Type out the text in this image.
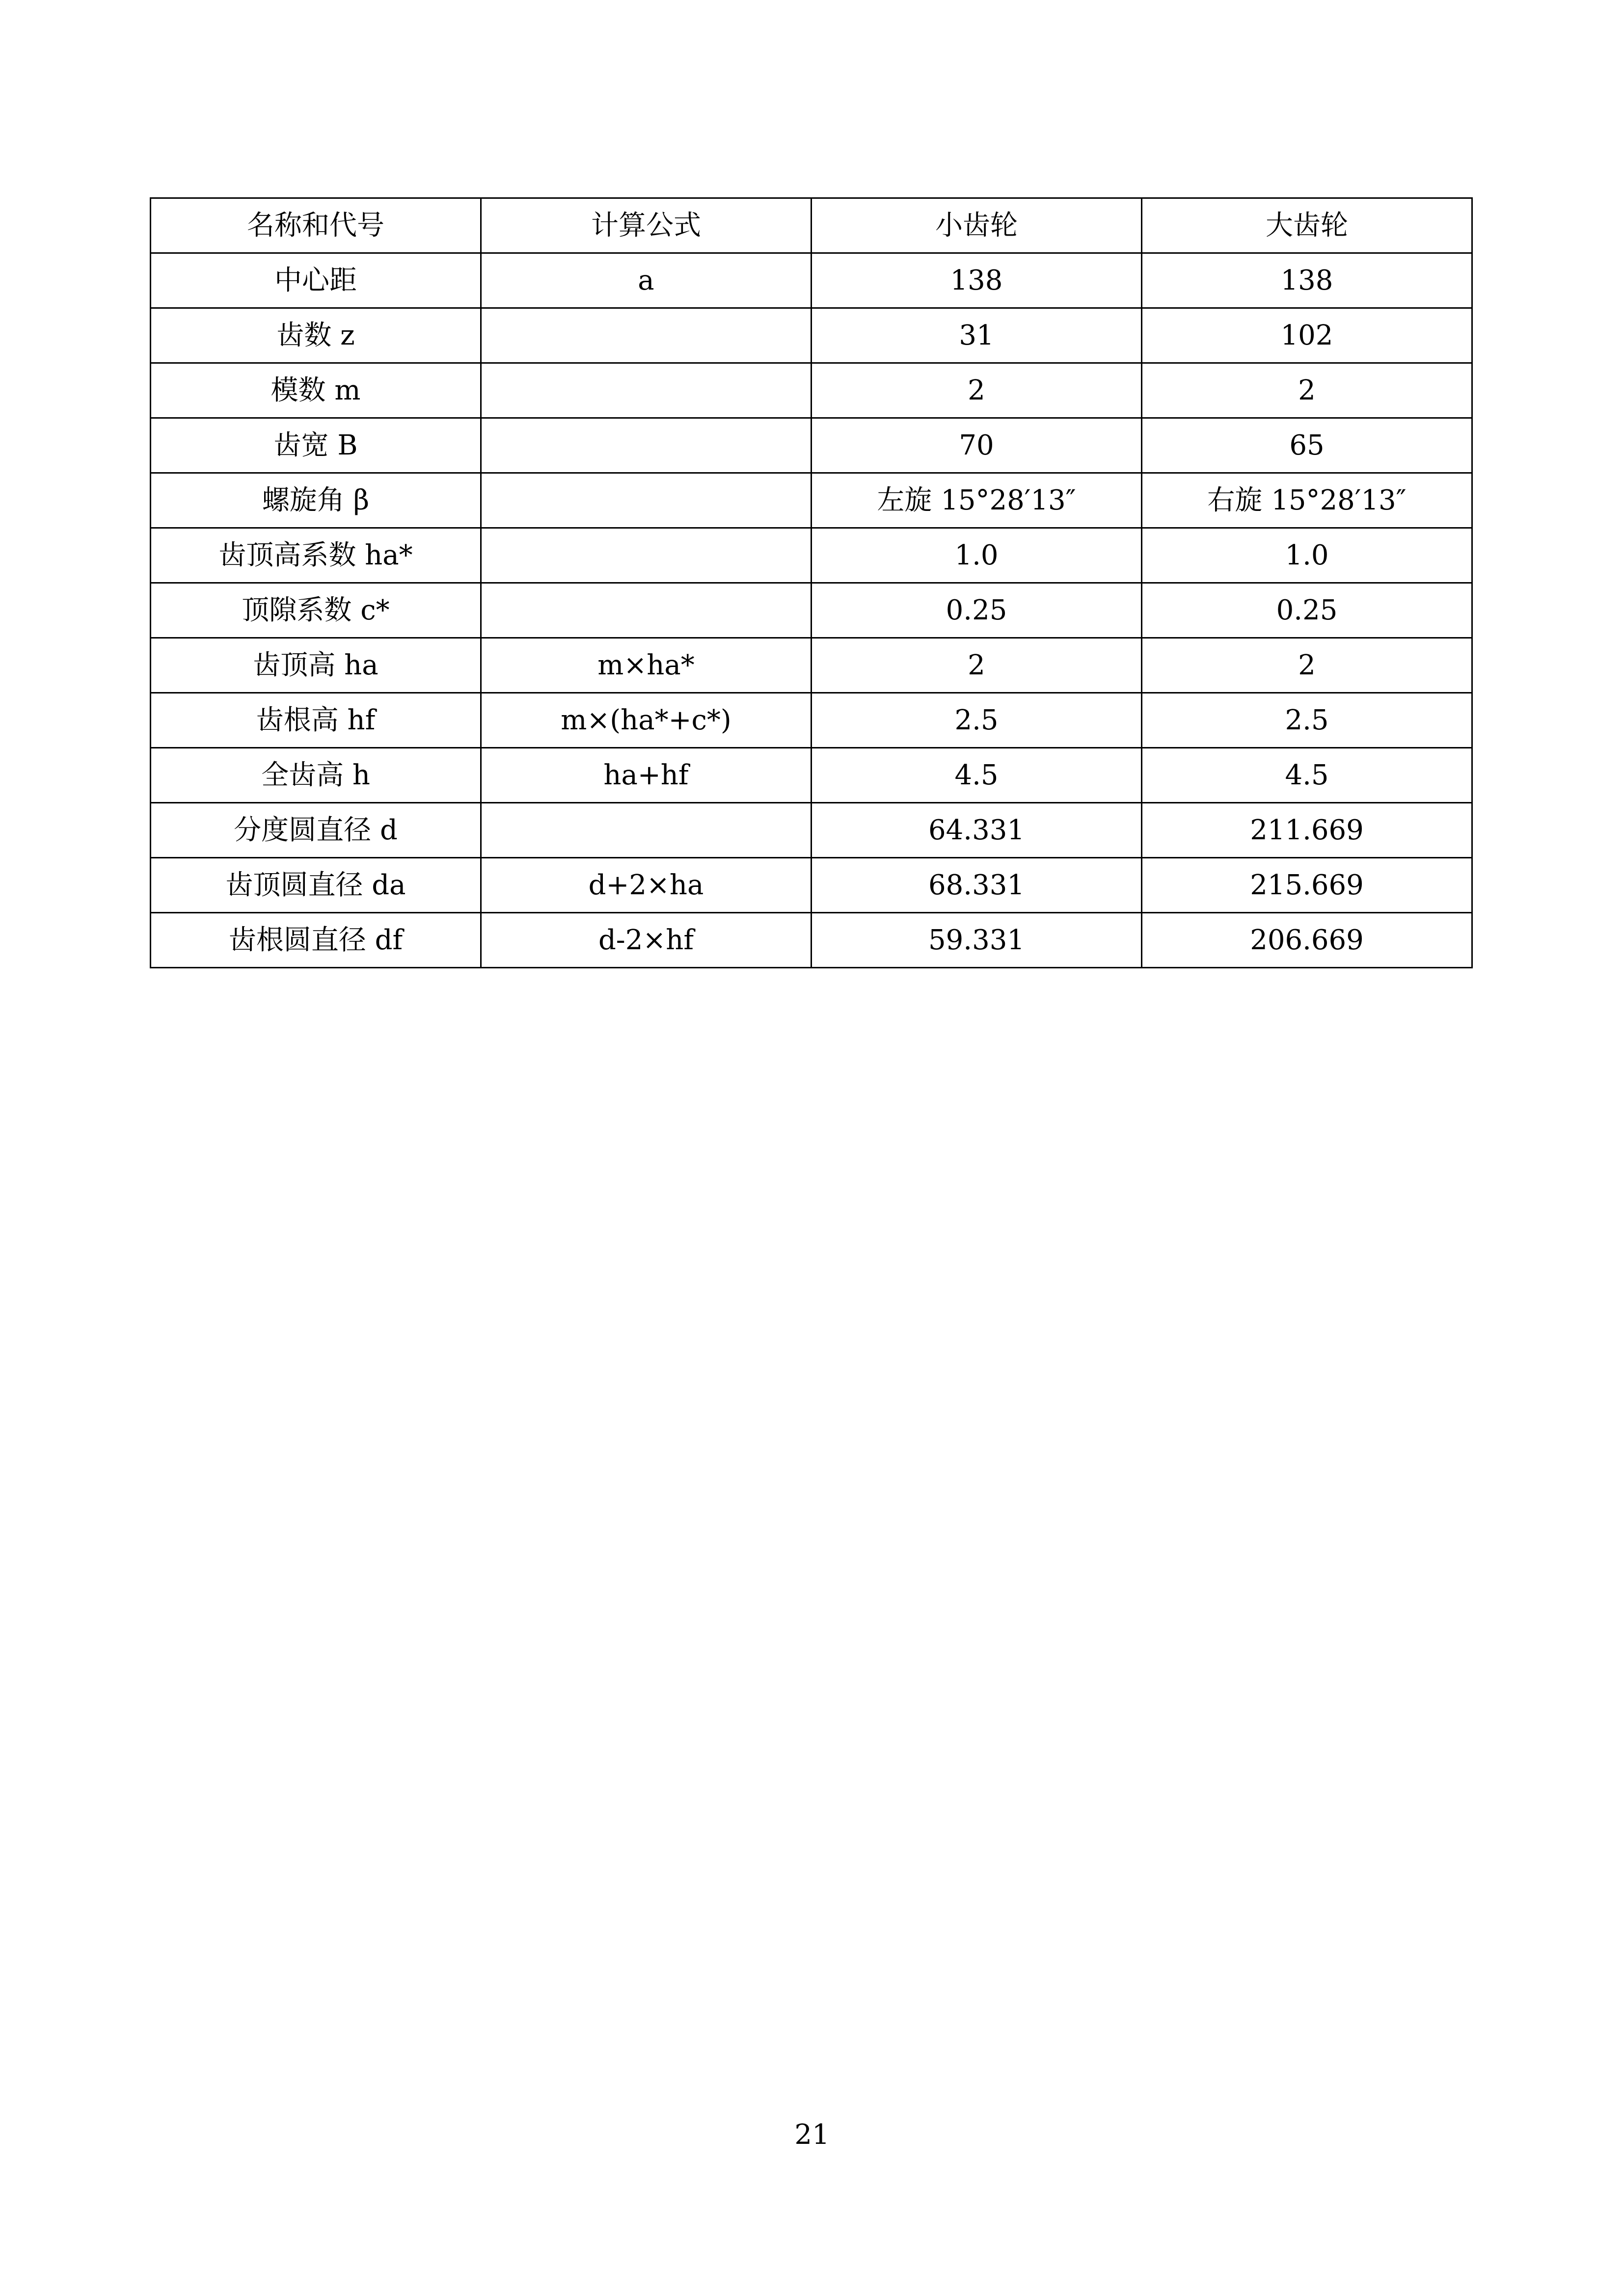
名称和代号	计算公式	小齿轮	大齿轮
中心距	a	138	138
齿数 z		31	102
模数 m		2	2
齿宽 B		70	65
螺旋角 β		左旋 15°28′13″	右旋 15°28′13″
齿顶高系数 ha*		1.0	1.0
顶隙系数 c*		0.25	0.25
齿顶高 ha	m×ha*	2	2
齿根高 hf	m×(ha*+c*)	2.5	2.5
全齿高 h	ha+hf	4.5	4.5
分度圆直径 d		64.331	211.669
齿顶圆直径 da	d+2×ha	68.331	215.669
齿根圆直径 df	d-2×hf	59.331	206.669
21
